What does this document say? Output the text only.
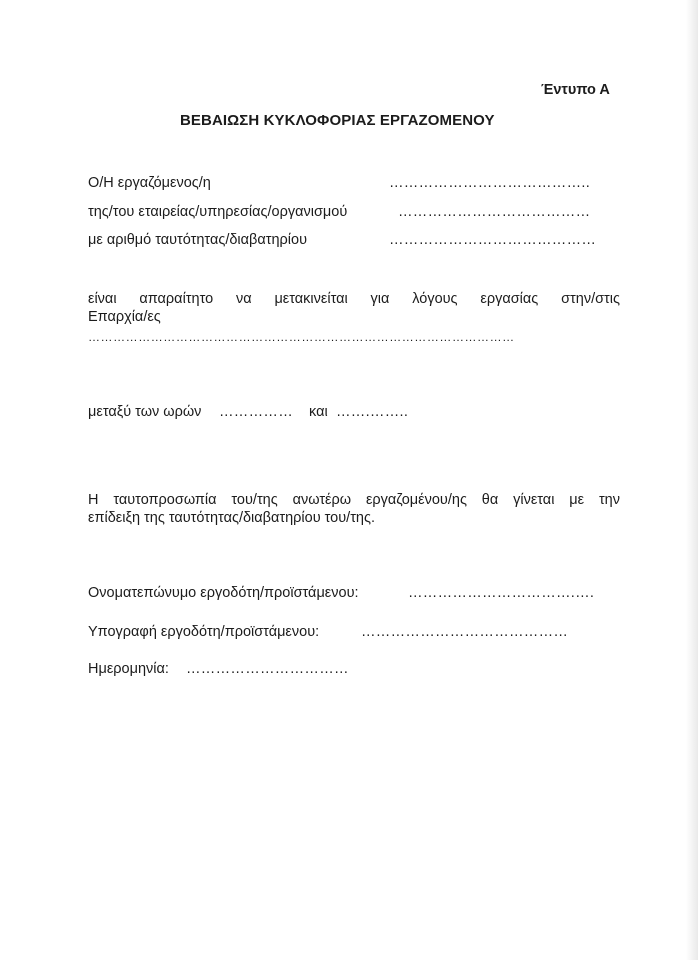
Έντυπο Α
ΒΕΒΑΙΩΣΗ ΚΥΚΛΟΦΟΡΙΑΣ ΕΡΓΑΖΟΜΕΝΟΥ
Ο/Η εργαζόμενος/η	…………………………………..
της/του εταιρείας/υπηρεσίας/οργανισμού	…………………………………
με αριθμό ταυτότητας/διαβατηρίου	……………………………………
είναι απαραίτητο να μετακινείται για λόγους εργασίας στην/στις
Επαρχία/ες
…………………………………………………………………………………………
μεταξύ των ωρών …………… και …….……..
Η ταυτοπροσωπία του/της ανωτέρω εργαζομένου/ης θα γίνεται με την
επίδειξη της ταυτότητας/διαβατηρίου του/της.
Ονοματεπώνυμο εργοδότη/προϊστάμενου:	…………………………….….
Υπογραφή εργοδότη/προϊστάμενου:	……………………………………
Ημερομηνία: ……………………………
